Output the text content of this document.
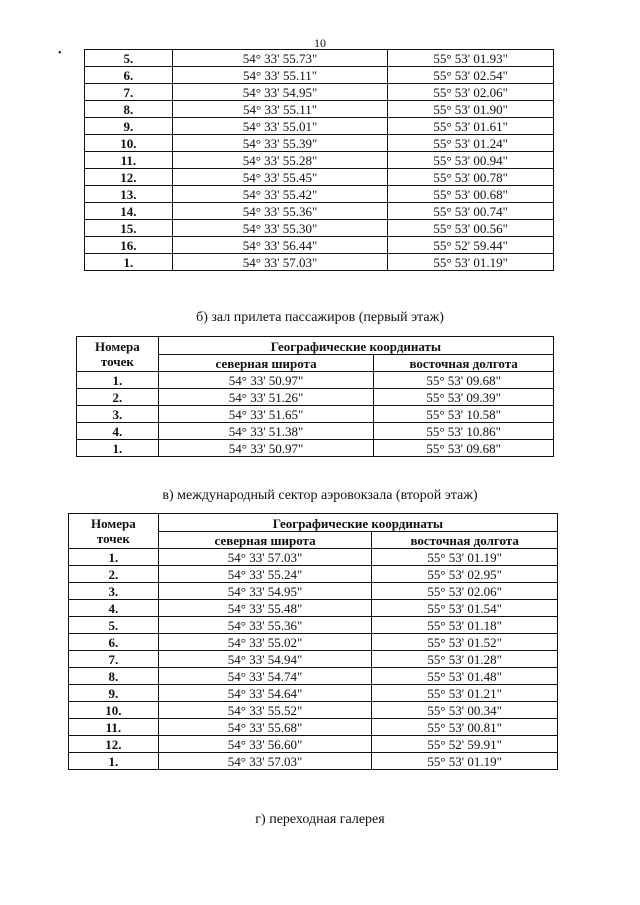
10
•	5.	54° 33' 55.73"	55° 53' 01.93"
6.	54° 33' 55.11"	55° 53' 02.54"
7.	54° 33' 54.95"	55° 53' 02.06"
8.	54° 33' 55.11"	55° 53' 01.90"
9.	54° 33' 55.01"	55° 53' 01.61"
10.	54° 33' 55.39"	55° 53' 01.24"
11.	54° 33' 55.28"	55° 53' 00.94"
12.	54° 33' 55.45"	55° 53' 00.78"
13.	54° 33' 55.42"	55° 53' 00.68"
14.	54° 33' 55.36"	55° 53' 00.74"
15.	54° 33' 55.30"	55° 53' 00.56"
16.	54° 33' 56.44"	55° 52' 59.44"
1.	54° 33' 57.03"	55° 53' 01.19"
б) зал прилета пассажиров (первый этаж)
Номера точек	Географические координаты	
	северная широта	восточная долгота
1.	54° 33' 50.97"	55° 53' 09.68"
2.	54° 33' 51.26"	55° 53' 09.39"
3.	54° 33' 51.65"	55° 53' 10.58"
4.	54° 33' 51.38"	55° 53' 10.86"
1.	54° 33' 50.97"	55° 53' 09.68"
в) международный сектор аэровокзала (второй этаж)
Номера точек	Географические координаты	
	северная широта	восточная долгота
1.	54° 33' 57.03"	55° 53' 01.19"
2.	54° 33' 55.24"	55° 53' 02.95"
3.	54° 33' 54.95"	55° 53' 02.06"
4.	54° 33' 55.48"	55° 53' 01.54"
5.	54° 33' 55.36"	55° 53' 01.18"
6.	54° 33' 55.02"	55° 53' 01.52"
7.	54° 33' 54.94"	55° 53' 01.28"
8.	54° 33' 54.74"	55° 53' 01.48"
9.	54° 33' 54.64"	55° 53' 01.21"
10.	54° 33' 55.52"	55° 53' 00.34"
11.	54° 33' 55.68"	55° 53' 00.81"
12.	54° 33' 56.60"	55° 52' 59.91"
1.	54° 33' 57.03"	55° 53' 01.19"
г) переходная галерея
